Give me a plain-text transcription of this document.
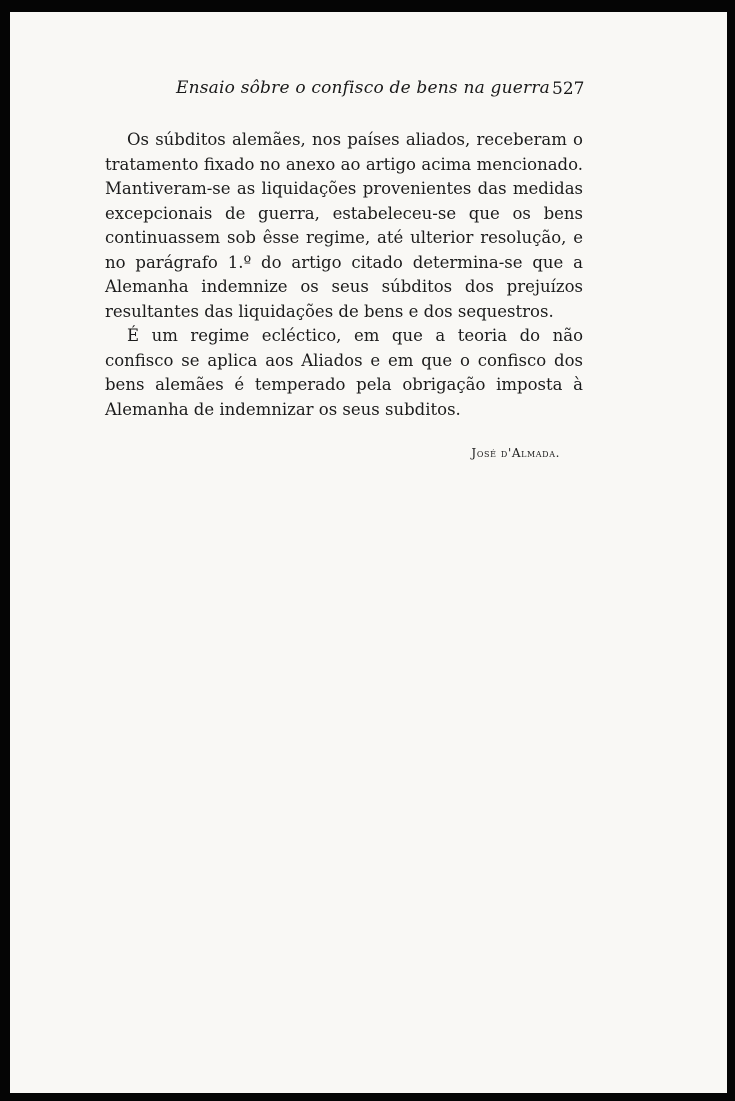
Ensaio sôbre o confisco de bens na guerra 527

Os súbditos alemães, nos países aliados, receberam o tratamento fixado no anexo ao artigo acima mencionado. Mantiveram-se as liquidações provenientes das medidas excepcionais de guerra, estabeleceu-se que os bens continuassem sob êsse regime, até ulterior resolução, e no parágrafo 1.º do artigo citado determina-se que a Alemanha indemnize os seus súbditos dos prejuízos resultantes das liquidações de bens e dos sequestros.

É um regime ecléctico, em que a teoria do não confisco se aplica aos Aliados e em que o confisco dos bens alemães é temperado pela obrigação imposta à Alemanha de indemnizar os seus subditos.

José d'Almada.
